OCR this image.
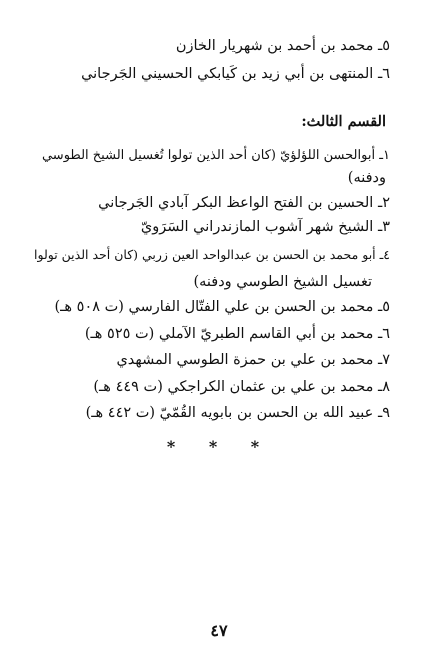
٥ـ محمد بن أحمد بن شهريار الخازن
٦ـ المنتهى بن أبي زيد بن كَيابكي الحسيني الجَرجاني
القسم الثالث:
١ـ أبوالحسن اللؤلؤيّ (كان أحد الذين تولوا تُغسيل الشيخ الطوسي
ودفنه)
٢ـ الحسين بن الفتح الواعظ البكر آبادي الجَرجاني
٣ـ الشيخ شهر آشوب المازندراني السَرَويّ
٤ـ أبو محمد بن الحسن بن عبدالواحد العين زربي (كان أحد الذين تولوا
تغسيل الشيخ الطوسي ودفنه)
٥ـ محمد بن الحسن بن علي الفتّال الفارسي (ت ٥٠٨ هـ)
٦ـ محمد بن أبي القاسم الطبريّ الآملي (ت ٥٢٥ هـ)
٧ـ محمد بن علي بن حمزة الطوسي المشهدي
٨ـ محمد بن علي بن عثمان الكراجكي (ت ٤٤٩ هـ)
٩ـ عبيد الله بن الحسن بن بابويه القُمّيّ (ت ٤٤٢ هـ)
* * *
٤٧
